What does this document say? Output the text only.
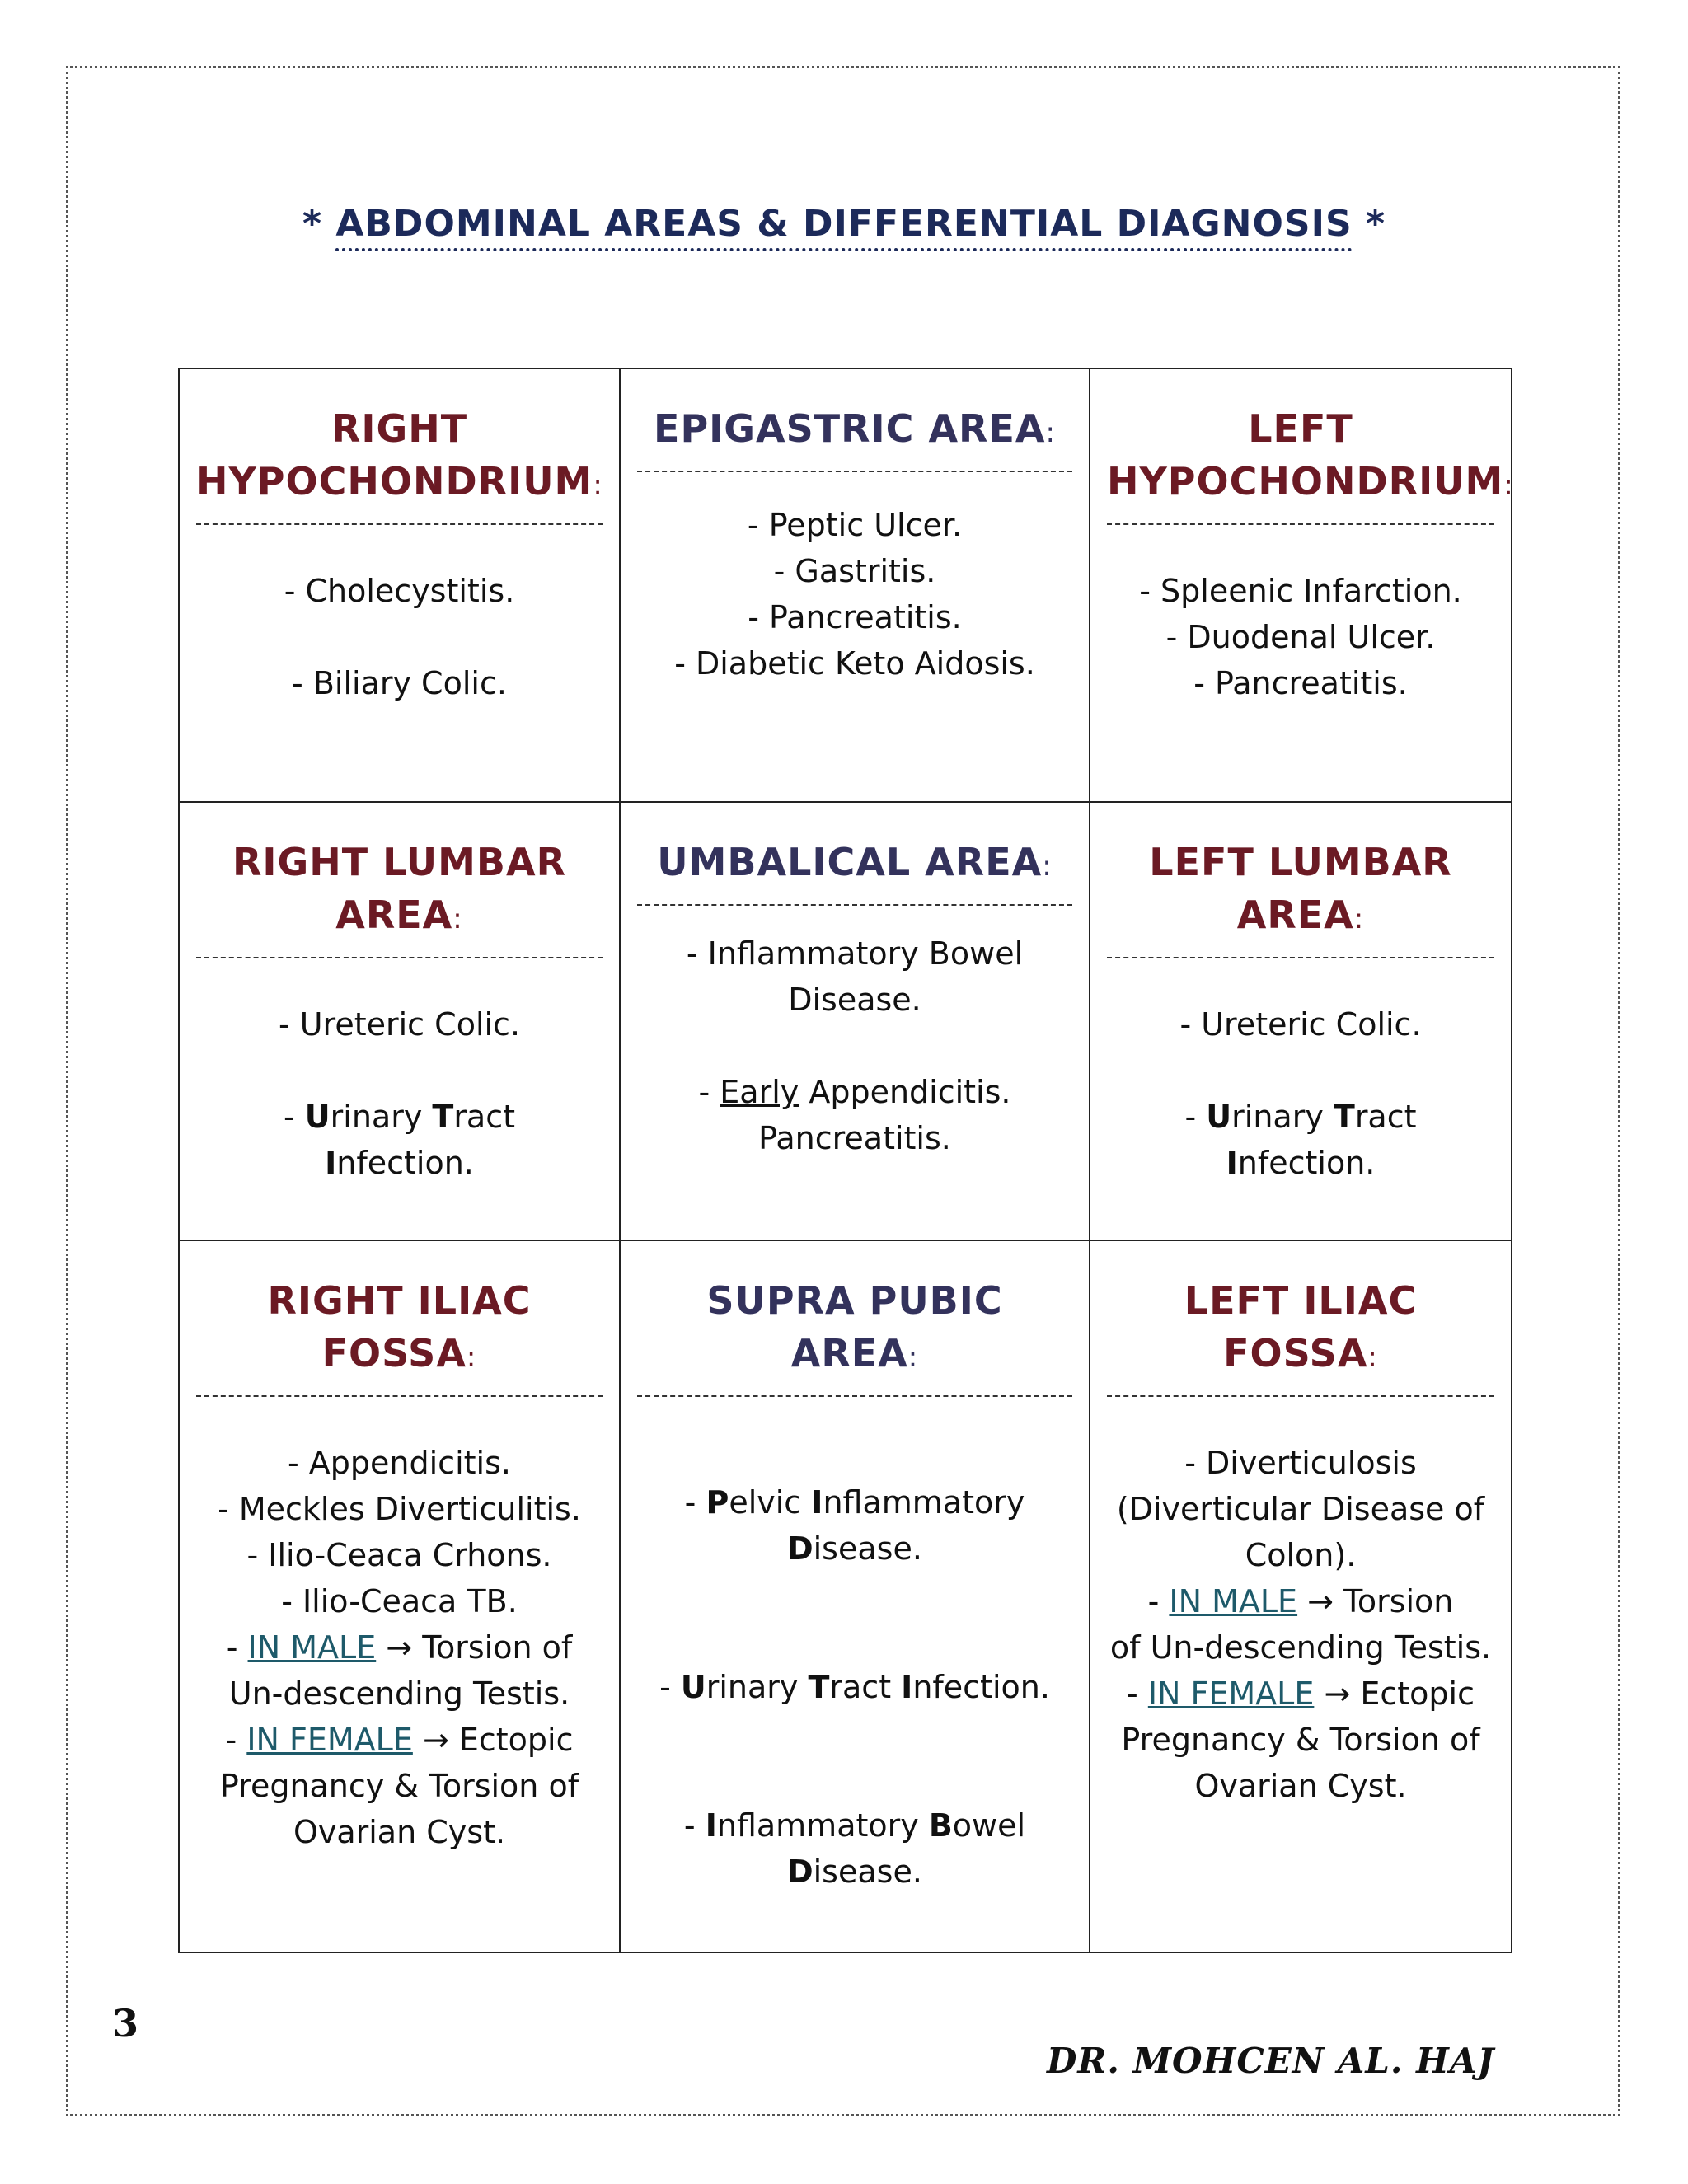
* ABDOMINAL AREAS & DIFFERENTIAL DIAGNOSIS *
RIGHT
HYPOCHONDRIUM:
- Cholecystitis.
- Biliary Colic.
EPIGASTRIC AREA:
- Peptic Ulcer.
- Gastritis.
- Pancreatitis.
- Diabetic Keto Aidosis.
LEFT
HYPOCHONDRIUM:
- Spleenic Infarction.
- Duodenal Ulcer.
- Pancreatitis.
RIGHT LUMBAR
AREA:
- Ureteric Colic.
- Urinary Tract
Infection.
UMBALICAL AREA:
- Inflammatory Bowel
Disease.
- Early Appendicitis.
Pancreatitis.
LEFT LUMBAR
AREA:
- Ureteric Colic.
- Urinary Tract
Infection.
RIGHT ILIAC
FOSSA:
- Appendicitis.
- Meckles Diverticulitis.
- Ilio-Ceaca Crhons.
- Ilio-Ceaca TB.
- IN MALE → Torsion of
Un-descending Testis.
- IN FEMALE → Ectopic
Pregnancy & Torsion of
Ovarian Cyst.
SUPRA PUBIC AREA:
- Pelvic Inflammatory
Disease.
- Urinary Tract Infection.
- Inflammatory Bowel
Disease.
LEFT ILIAC
FOSSA:
- Diverticulosis
(Diverticular Disease of
Colon).
- IN MALE → Torsion
of Un-descending Testis.
- IN FEMALE → Ectopic
Pregnancy & Torsion of
Ovarian Cyst.
3
DR. MOHCEN AL. HAJ
